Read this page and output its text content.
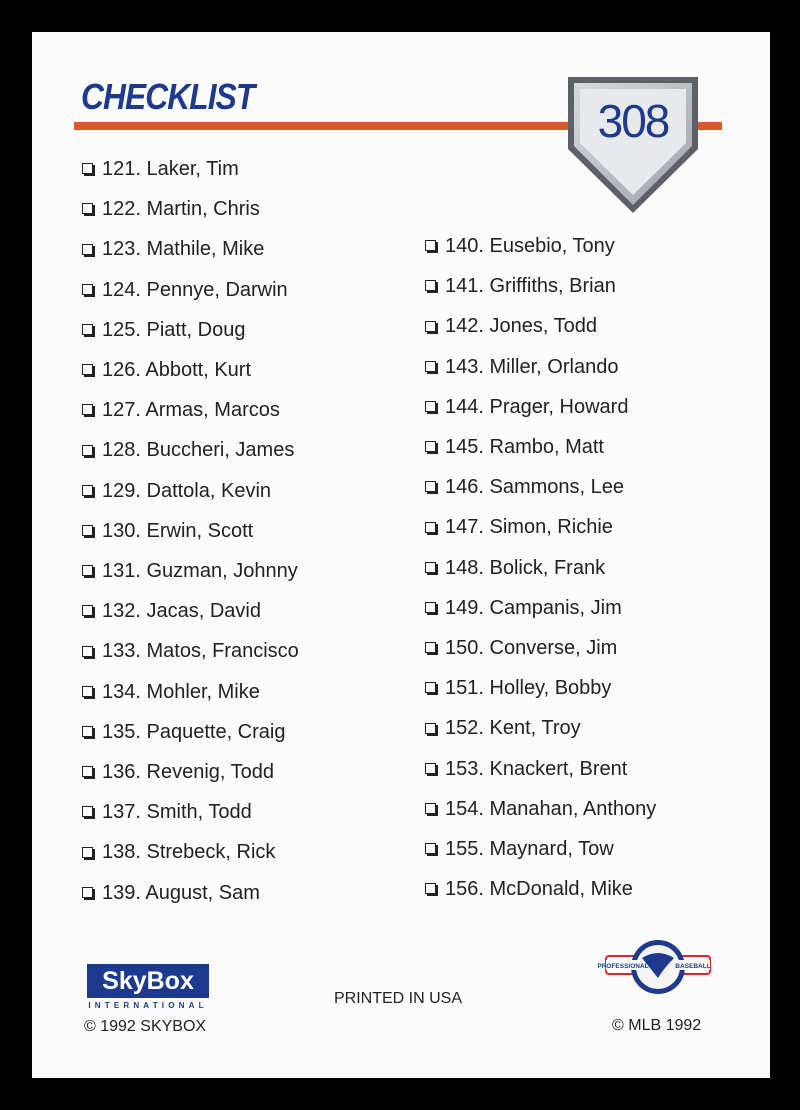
CHECKLIST	308
121. Laker, Tim
122. Martin, Chris
123. Mathile, Mike
124. Pennye, Darwin
125. Piatt, Doug
126. Abbott, Kurt
127. Armas, Marcos
128. Buccheri, James
129. Dattola, Kevin
130. Erwin, Scott
131. Guzman, Johnny
132. Jacas, David
133. Matos, Francisco
134. Mohler, Mike
135. Paquette, Craig
136. Revenig, Todd
137. Smith, Todd
138. Strebeck, Rick
139. August, Sam
140. Eusebio, Tony
141. Griffiths, Brian
142. Jones, Todd
143. Miller, Orlando
144. Prager, Howard
145. Rambo, Matt
146. Sammons, Lee
147. Simon, Richie
148. Bolick, Frank
149. Campanis, Jim
150. Converse, Jim
151. Holley, Bobby
152. Kent, Troy
153. Knackert, Brent
154. Manahan, Anthony
155. Maynard, Tow
156. McDonald, Mike
SkyBox
INTERNATIONAL
PROFESSIONAL	BASEBALL
© 1992 SKYBOX
PRINTED IN USA
© MLB 1992
